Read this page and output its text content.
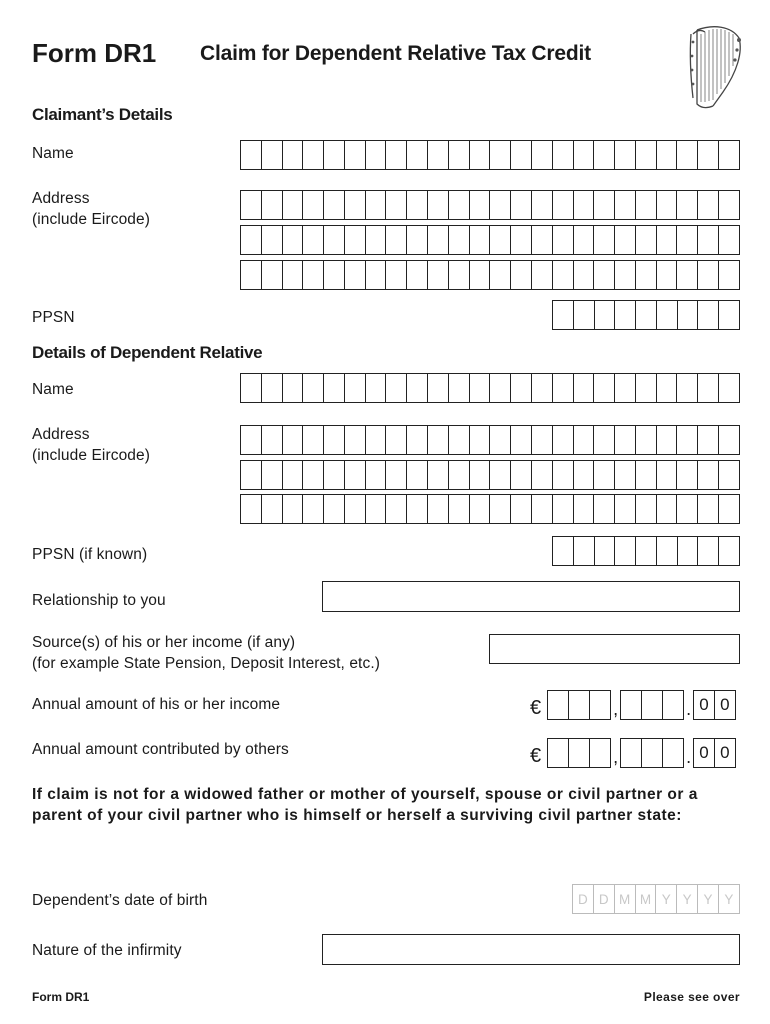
Form DR1 Claim for Dependent Relative Tax Credit
Claimant’s Details
Name
Address
(include Eircode)
PPSN
Details of Dependent Relative
Name
Address
(include Eircode)
PPSN (if known)
Relationship to you
Source(s) of his or her income (if any)
(for example State Pension, Deposit Interest, etc.)
Annual amount of his or her income	€	,	. 0 0
Annual amount contributed by others	€	,	. 0 0
If claim is not for a widowed father or mother of yourself, spouse or civil partner or a parent of your civil partner who is himself or herself a surviving civil partner state:
Dependent’s date of birth	D D M M Y Y Y Y
Nature of the infirmity
Form DR1	Please see over
